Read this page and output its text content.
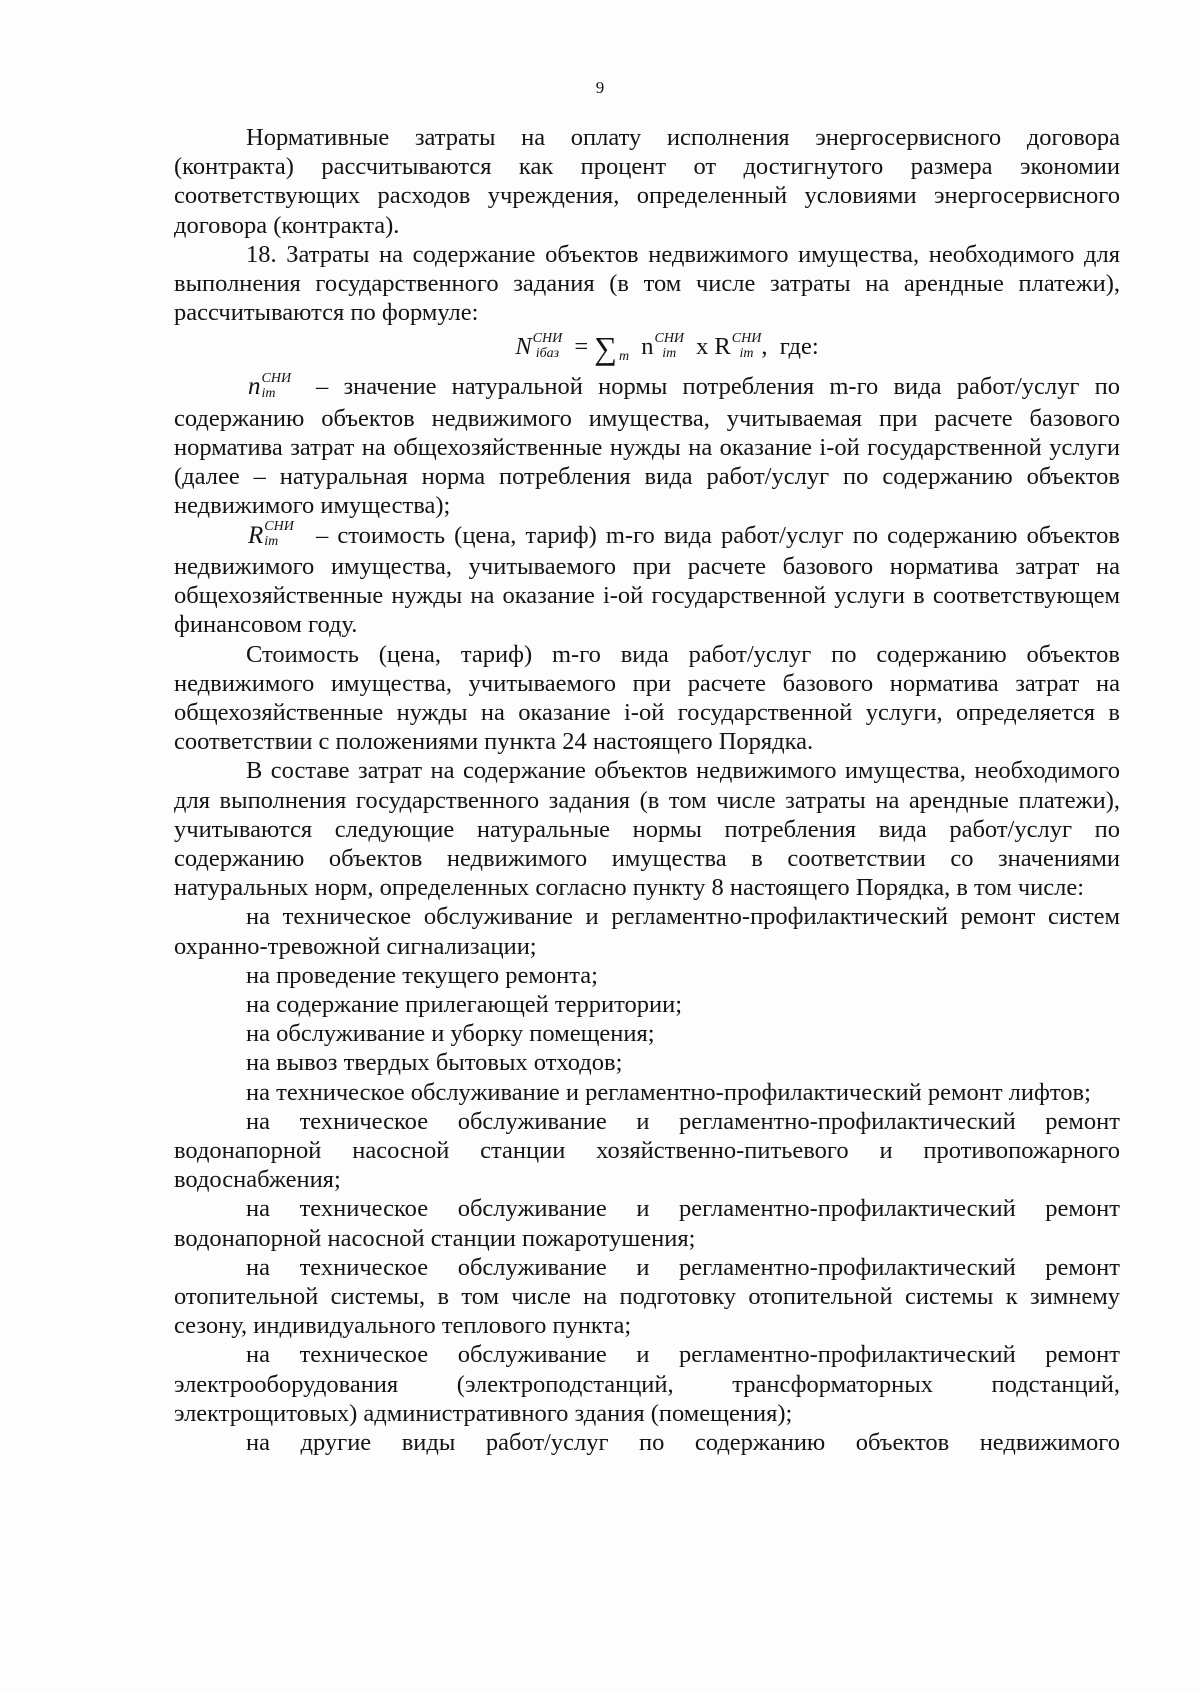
9

Нормативные затраты на оплату исполнения энергосервисного договора (контракта) рассчитываются как процент от достигнутого размера экономии соответствующих расходов учреждения, определенный условиями энергосервисного договора (контракта).

18. Затраты на содержание объектов недвижимого имущества, необходимого для выполнения государственного задания (в том числе затраты на арендные платежи), рассчитываются по формуле:

N СНИ
iбаз = ∑ $_m$ n СНИ
im x R СНИ
im ,  где:

n СНИ
im	– значение натуральной нормы потребления m-го вида работ/услуг по содержанию объектов недвижимого имущества, учитываемая при расчете базового норматива затрат на общехозяйственные нужды на оказание i-ой государственной услуги (далее – натуральная норма потребления вида работ/услуг по содержанию объектов недвижимого имущества);

R СНИ
im	– стоимость (цена, тариф) m-го вида работ/услуг по содержанию объектов недвижимого имущества, учитываемого при расчете базового норматива затрат на общехозяйственные нужды на оказание i-ой государственной услуги в соответствующем финансовом году.

Стоимость (цена, тариф) m-го вида работ/услуг по содержанию объектов недвижимого имущества, учитываемого при расчете базового норматива затрат на общехозяйственные нужды на оказание i-ой государственной услуги, определяется в соответствии с положениями пункта 24 настоящего Порядка.

В составе затрат на содержание объектов недвижимого имущества, необходимого для выполнения государственного задания (в том числе затраты на арендные платежи), учитываются следующие натуральные нормы потребления вида работ/услуг по содержанию объектов недвижимого имущества в соответствии со значениями натуральных норм, определенных согласно пункту 8 настоящего Порядка, в том числе:

на техническое обслуживание и регламентно-профилактический ремонт систем охранно-тревожной сигнализации;

на проведение текущего ремонта;

на содержание прилегающей территории;

на обслуживание и уборку помещения;

на вывоз твердых бытовых отходов;

на техническое обслуживание и регламентно-профилактический ремонт лифтов;

на техническое обслуживание и регламентно-профилактический ремонт водонапорной насосной станции хозяйственно-питьевого и противопожарного водоснабжения;

на техническое обслуживание и регламентно-профилактический ремонт водонапорной насосной станции пожаротушения;

на техническое обслуживание и регламентно-профилактический ремонт отопительной системы, в том числе на подготовку отопительной системы к зимнему сезону, индивидуального теплового пункта;

на техническое обслуживание и регламентно-профилактический ремонт электрооборудования (электроподстанций, трансформаторных подстанций, электрощитовых) административного здания (помещения);

на другие виды работ/услуг по содержанию объектов недвижимого
